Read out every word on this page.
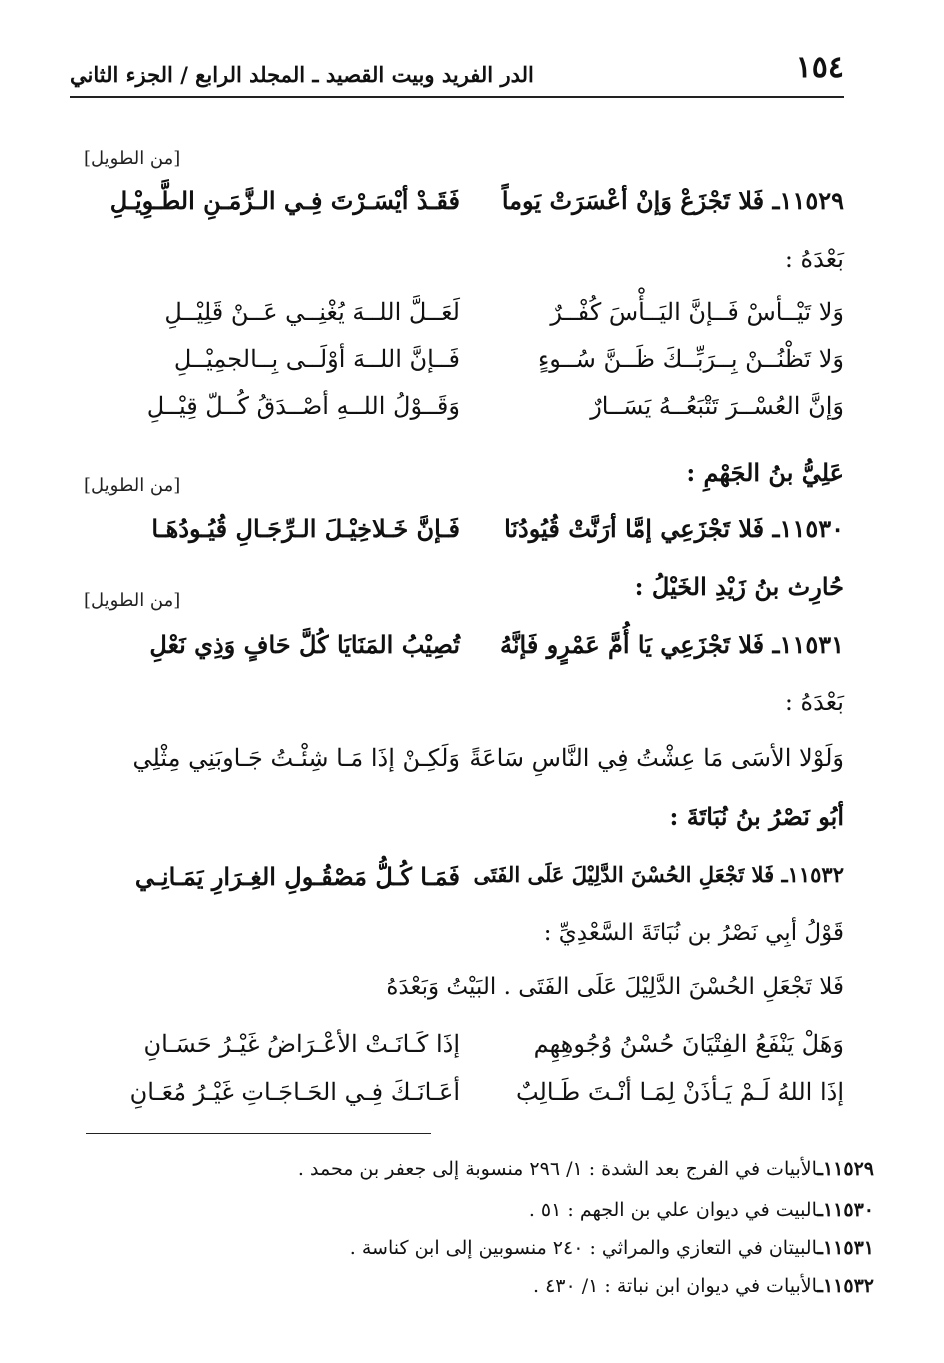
١٥٤
الدر الفريد وبيت القصيد ـ المجلد الرابع / الجزء الثاني
[من الطويل]
١١٥٢٩ـ فَلا تَجْزَعْ وَإنْ أعْسَرَتْ يَوماً
فَقَـدْ أيْسَـرْتَ فِـي الـزَّمَـنِ الطَّـوِيْـلِ
بَعْدَهُ :
وَلا تَيْــأسْ فَــإنَّ اليَــأْسَ كُفْــرٌ
لَعَــلَّ اللــهَ يُغْنِــي عَــنْ قَلِيْــلِ
وَلا تَظْنُــنْ بِــرَبِّــكَ ظَــنَّ سُــوءٍ
فَــإنَّ اللــهَ أوْلَــى بِــالجمِيْــلِ
وَإنَّ العُسْــرَ تَتْبَعُــهُ يَسَــارٌ
وَقَــوْلُ اللــهِ أصْــدَقُ كُــلّ قِيْــلِ
عَلِيُّ بنُ الجَهْمِ :
[من الطويل]
١١٥٣٠ـ فَلا تَجْزَعِي إمَّا أرَنَّتْ قُيُودُنَا
فَـإنَّ خَـلاخِيْـلَ الـرِّجَـالِ قُيُـودُهَـا
حُارِث بنُ زَيْدِ الخَيْلُ :
[من الطويل]
١١٥٣١ـ فَلا تَجْزَعِي يَا أُمَّ عَمْرٍو فَإنَّهُ
تُصِيْبُ المَنَايَا كُلَّ حَافٍ وَذِي نَعْلِ
بَعْدَهُ :
وَلَوْلا الأسَى مَا عِشْتُ فِي النَّاسِ سَاعَةً
وَلَكِـنْ إذَا مَـا شِئْـتُ جَـاوبَنِي مِثْلِي
أبُو نَصْرُ بنُ نُبَاتَةَ :
١١٥٣٢ـ فَلا تَجْعَلِ الحُسْنَ الدَّلِيْلَ عَلَى الفَتَى
فَمَـا كُـلُّ مَصْقُـولِ الغِـرَارِ يَمَـانِـي
قَوْلُ أبِي نَصْرُ بن نُبَاتَةَ السَّعْدِيِّ :
فَلا تَجْعَلِ الحُسْنَ الدَّلِيْلَ عَلَى الفَتَى . البَيْتُ وَبَعْدَهُ
وَهَلْ يَنْفَعُ الفِتْيَانَ حُسْنُ وُجُوهِهِم
إذَا كَـانَـتْ الأعْـرَاضُ غَيْـرُ حَسَـانِ
إذَا اللهُ لَـمْ يَـأذَنْ لِمَـا أنْـتَ طَـالِبٌ
أعَـانَـكَ فِـي الحَـاجَـاتِ غَيْـرُ مُعَـانِ
١١٥٢٩ـالأبيات في الفرج بعد الشدة : ١/ ٢٩٦ منسوبة إلى جعفر بن محمد .
١١٥٣٠ـالبيت في ديوان علي بن الجهم : ٥١ .
١١٥٣١ـالبيتان في التعازي والمراثي : ٢٤٠ منسوبين إلى ابن كناسة .
١١٥٣٢ـالأبيات في ديوان ابن نباتة : ١/ ٤٣٠ .
